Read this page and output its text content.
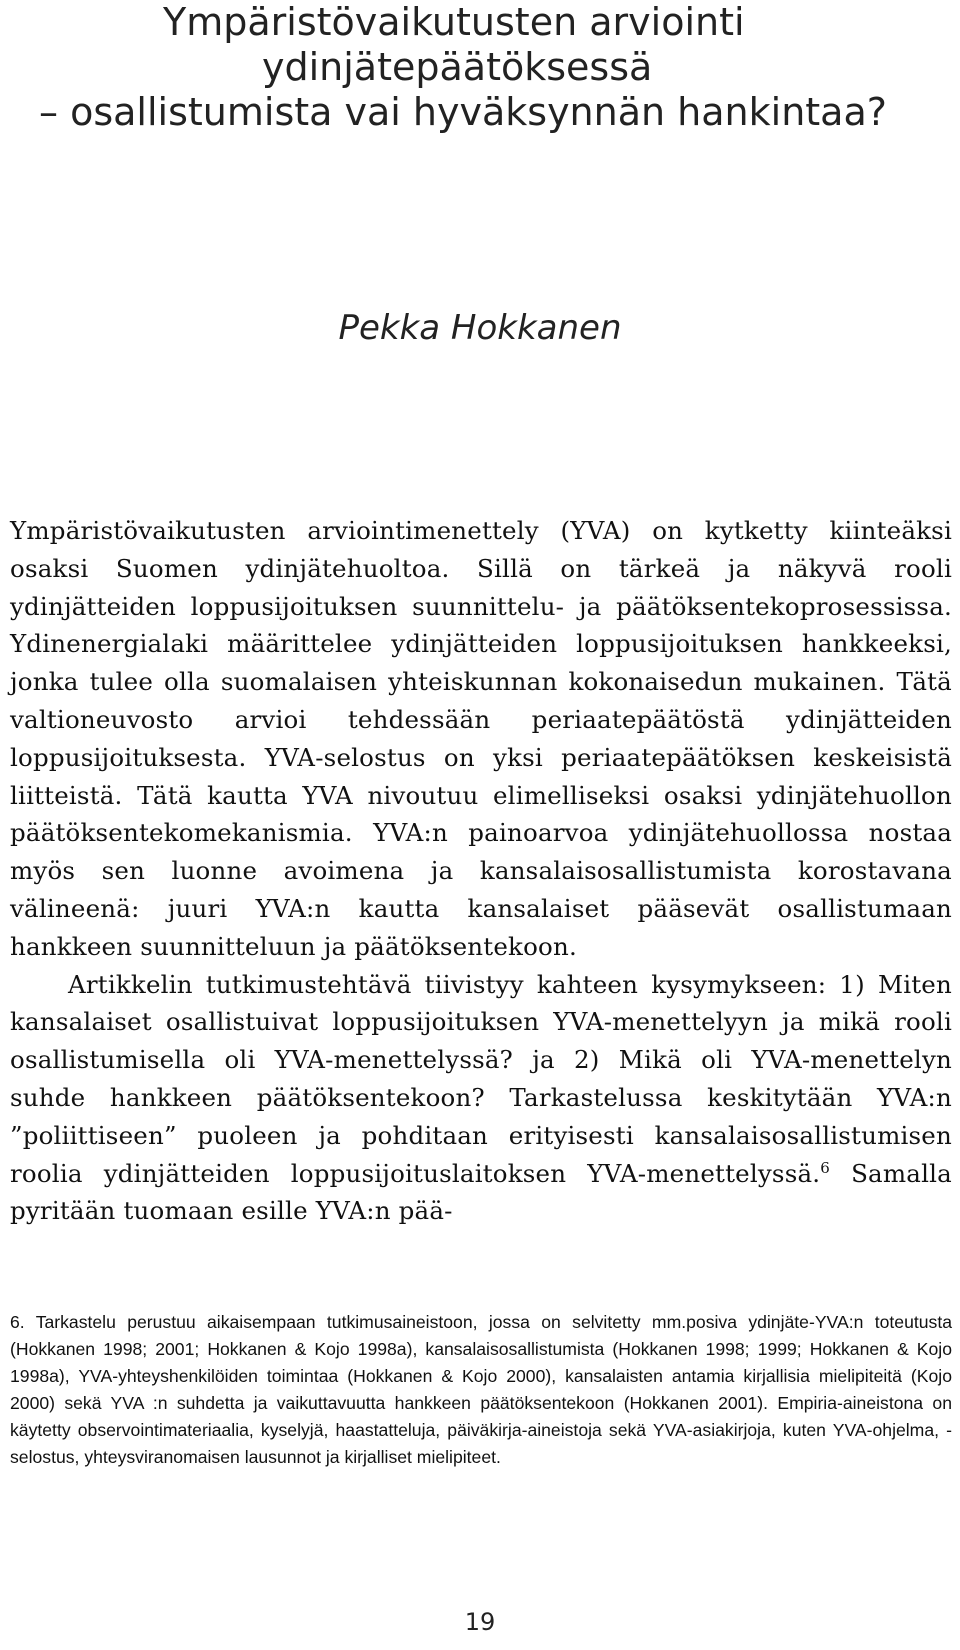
Ympäristövaikutusten arviointi
ydinjätepäätöksessä
– osallistumista vai hyväksynnän hankintaa?
Pekka Hokkanen

Ympäristövaikutusten arviointimenettely (YVA) on kytketty kiinteäksi osaksi Suomen ydinjätehuoltoa. Sillä on tärkeä ja näkyvä rooli ydinjätteiden loppusijoituksen suunnittelu- ja päätöksentekoprosessissa. Ydinenergialaki määrittelee ydinjätteiden loppusijoituksen hankkeeksi, jonka tulee olla suomalaisen yhteiskunnan kokonaisedun mukainen. Tätä valtioneuvosto arvioi tehdessään periaatepäätöstä ydinjätteiden loppusijoituksesta. YVA-selostus on yksi periaatepäätöksen keskeisistä liitteistä. Tätä kautta YVA nivoutuu elimelliseksi osaksi ydinjätehuollon päätöksentekomekanismia. YVA:n painoarvoa ydinjätehuollossa nostaa myös sen luonne avoimena ja kansalaisosallistumista korostavana välineenä: juuri YVA:n kautta kansalaiset pääsevät osallistumaan hankkeen suunnitteluun ja päätöksentekoon.

Artikkelin tutkimustehtävä tiivistyy kahteen kysymykseen: 1) Miten kansalaiset osallistuivat loppusijoituksen YVA-menettelyyn ja mikä rooli osallistumisella oli YVA-menettelyssä? ja 2) Mikä oli YVA-menettelyn suhde hankkeen päätöksentekoon? Tarkastelussa keskitytään YVA:n ”poliittiseen” puoleen ja pohditaan erityisesti kansalaisosallistumisen roolia ydinjätteiden loppusijoituslaitoksen YVA-menettelyssä.$^6$ Samalla pyritään tuomaan esille YVA:n pää-

6. Tarkastelu perustuu aikaisempaan tutkimusaineistoon, jossa on selvitetty mm.posiva ydinjäte-YVA:n toteutusta (Hokkanen 1998; 2001; Hokkanen & Kojo 1998a), kansalaisosallistumista (Hokkanen 1998; 1999; Hokkanen & Kojo 1998a), YVA-yhteyshenkilöiden toimintaa (Hokkanen & Kojo 2000), kansalaisten antamia kirjallisia mielipiteitä (Kojo 2000) sekä YVA :n suhdetta ja vaikuttavuutta hankkeen päätöksentekoon (Hokkanen 2001). Empiria-aineistona on käytetty observointimateriaalia, kyselyjä, haastatteluja, päiväkirja-aineistoja sekä YVA-asiakirjoja, kuten YVA-ohjelma, -selostus, yhteysviranomaisen lausunnot ja kirjalliset mielipiteet.

19
